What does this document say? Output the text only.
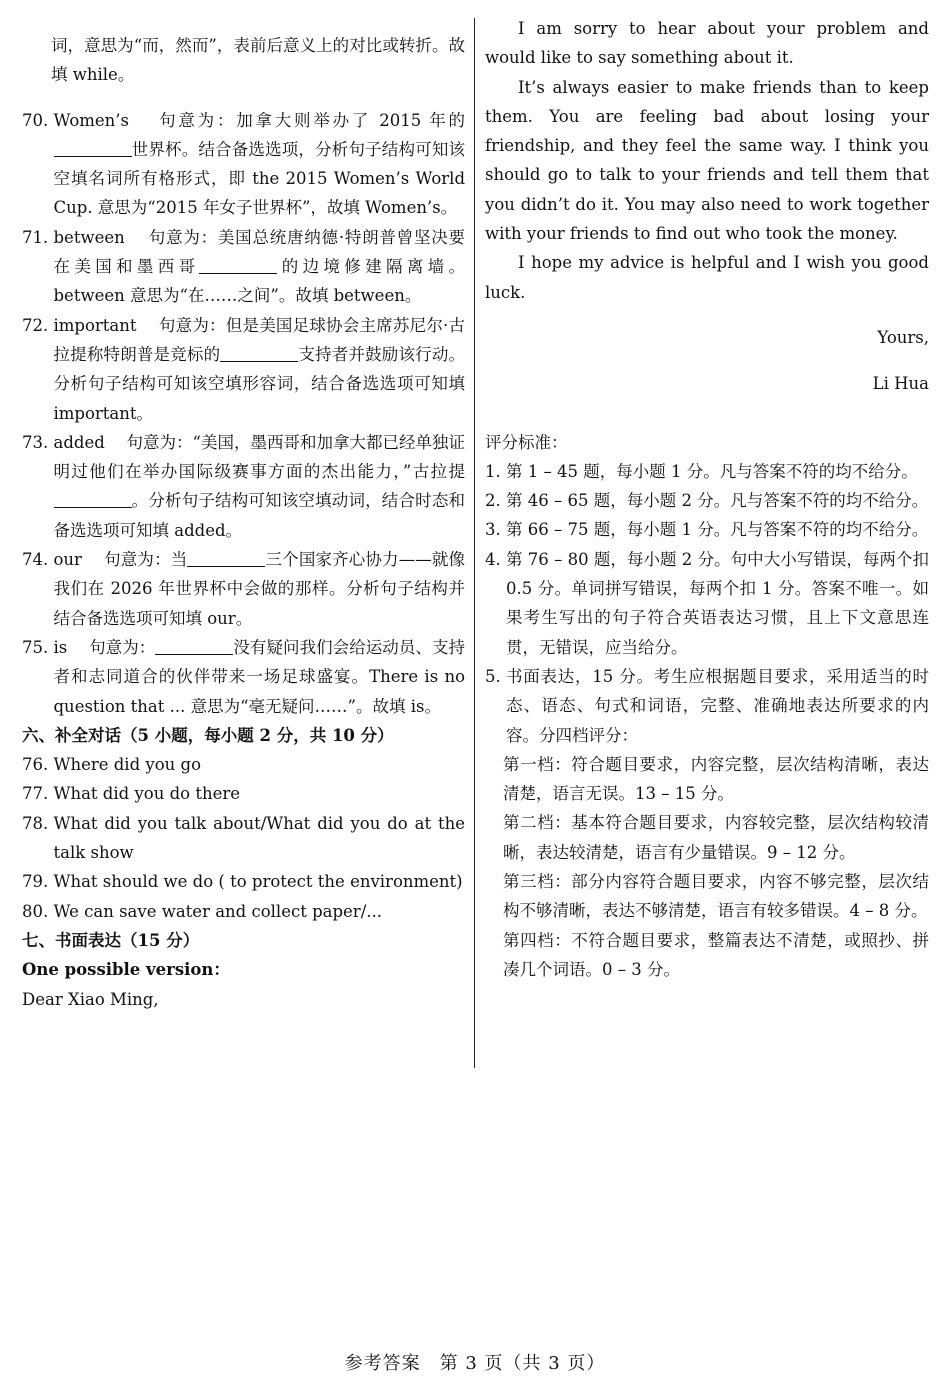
词，意思为“而，然而”，表前后意义上的对比或转折。故填 while。

70. Women’s　 句意为：加拿大则举办了 2015 年的世界杯。结合备选选项，分析句子结构可知该空填名词所有格形式，即 the 2015 Women’s World Cup. 意思为“2015 年女子世界杯”，故填 Women’s。
71. between　 句意为：美国总统唐纳德·特朗普曾坚决要在美国和墨西哥	的边境修建隔离墙。between 意思为“在……之间”。故填 between。
72. important　 句意为：但是美国足球协会主席苏尼尔·古拉提称特朗普是竞标的	支持者并鼓励该行动。分析句子结构可知该空填形容词，结合备选选项可知填 important。
73. added　 句意为：“美国，墨西哥和加拿大都已经单独证明过他们在举办国际级赛事方面的杰出能力，”古拉提。分析句子结构可知该空填动词，结合时态和备选选项可知填 added。
74. our　 句意为：当	三个国家齐心协力——就像我们在 2026 年世界杯中会做的那样。分析句子结构并结合备选选项可知填 our。
75. is　 句意为：	没有疑问我们会给运动员、支持者和志同道合的伙伴带来一场足球盛宴。There is no question that ... 意思为“毫无疑问……”。故填 is。

六、补全对话（5 小题，每小题 2 分，共 10 分）

76. Where did you go
77. What did you do there
78. What did you talk about/What did you do at the talk show
79. What should we do ( to protect the environment)
80. We can save water and collect paper/...

七、书面表达（15 分）

One possible version：

Dear Xiao Ming,

I am sorry to hear about your problem and would like to say something about it.

It’s always easier to make friends than to keep them. You are feeling bad about losing your friendship, and they feel the same way. I think you should go to talk to your friends and tell them that you didn’t do it. You may also need to work together with your friends to find out who took the money.

I hope my advice is helpful and I wish you good luck.

Yours,

Li Hua

评分标准：

1. 第 1 – 45 题，每小题 1 分。凡与答案不符的均不给分。
2. 第 46 – 65 题，每小题 2 分。凡与答案不符的均不给分。
3. 第 66 – 75 题，每小题 1 分。凡与答案不符的均不给分。
4. 第 76 – 80 题，每小题 2 分。句中大小写错误，每两个扣 0.5 分。单词拼写错误，每两个扣 1 分。答案不唯一。如果考生写出的句子符合英语表达习惯，且上下文意思连贯，无错误，应当给分。
5. 书面表达，15 分。考生应根据题目要求，采用适当的时态、语态、句式和词语，完整、准确地表达所要求的内容。分四档评分：

第一档：符合题目要求，内容完整，层次结构清晰，表达清楚，语言无误。13 – 15 分。

第二档：基本符合题目要求，内容较完整，层次结构较清晰，表达较清楚，语言有少量错误。9 – 12 分。

第三档：部分内容符合题目要求，内容不够完整，层次结构不够清晰，表达不够清楚，语言有较多错误。4 – 8 分。

第四档：不符合题目要求，整篇表达不清楚，或照抄、拼凑几个词语。0 – 3 分。

参考答案　第 3 页（共 3 页）
